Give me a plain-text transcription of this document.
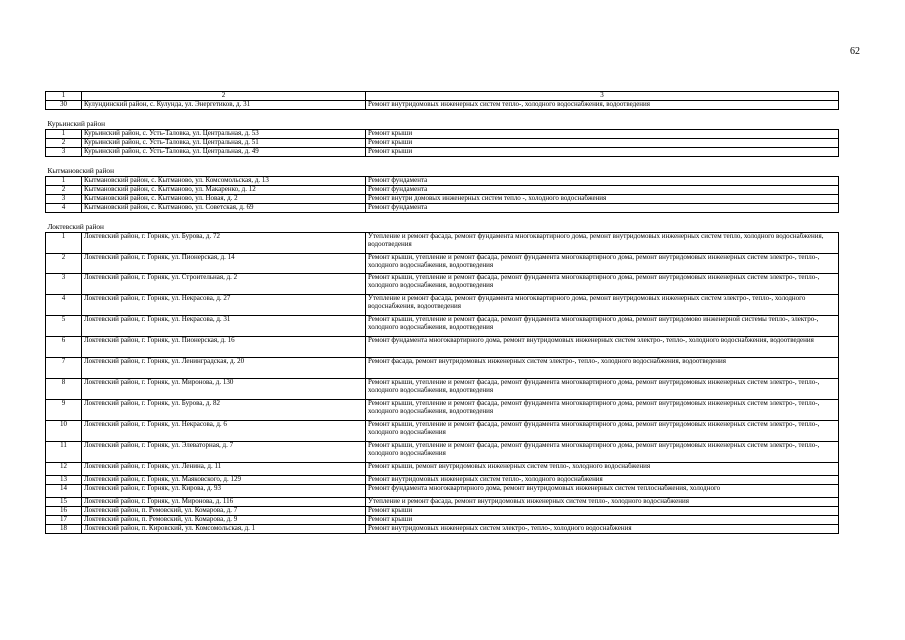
62
1	2	3
30	Кулундинский район, с. Кулунда, ул. Энергетиков, д. 31	Ремонт внутридомовых инженерных систем тепло-, холодного водоснабжения, водоотведения

Курьинский район		
1	Курьинский район, с. Усть-Таловка, ул. Центральная, д. 53	Ремонт крыши
2	Курьинский район, с. Усть-Таловка, ул. Центральная, д. 51	Ремонт крыши
3	Курьинский район, с. Усть-Таловка, ул. Центральная, д. 49	Ремонт крыши

Кытмановский район		
1	Кытмановский район, с. Кытманово, ул. Комсомольская, д. 13	Ремонт фундамента
2	Кытмановский район, с. Кытманово, ул. Макаренко, д. 12	Ремонт фундамента
3	Кытмановский район, с. Кытманово, ул. Новая, д. 2	Ремонт внутри домовых инженерных систем тепло -, холодного водоснабжения
4	Кытмановский район, с. Кытманово, ул. Советская, д. 69	Ремонт фундамента

Локтевский район		
1	Локтевский район, г. Горняк, ул. Бурова, д. 72	Утепление и ремонт фасада, ремонт фундамента многоквартирного дома, ремонт внутридомовых инженерных систем тепло, холодного водоснабжения, водоотведения
2	Локтевский район, г. Горняк, ул. Пионерская, д. 14	Ремонт крыши, утепление и ремонт фасада, ремонт фундамента многоквартирного дома, ремонт внутридомовых инженерных систем электро-, тепло-, холодного водоснабжения, водоотведения
3	Локтевский район, г. Горняк, ул. Строительная, д. 2	Ремонт крыши, утепление и ремонт фасада, ремонт фундамента многоквартирного дома, ремонт внутридомовых инженерных систем электро-, тепло-, холодного водоснабжения, водоотведения
4	Локтевский район, г. Горняк, ул. Некрасова, д. 27	Утепление и ремонт фасада, ремонт фундамента многоквартирного дома, ремонт внутридомовых инженерных систем электро-, тепло-, холодного водоснабжения, водоотведения
5	Локтевский район, г. Горняк, ул. Некрасова, д. 31	Ремонт крыши, утепление и ремонт фасада, ремонт фундамента многоквартирного дома, ремонт внутридомово инженерной системы тепло-, электро-, холодного водоснабжения, водоотведения
6	Локтевский район, г. Горняк, ул. Пионерская, д. 16	Ремонт фундамента многоквартирного дома, ремонт внутридомовых инженерных систем электро-, тепло-, холодного водоснабжения, водоотведения
7	Локтевский район, г. Горняк, ул. Ленинградская, д. 20	Ремонт фасада, ремонт внутридомовых инженерных систем электро-, тепло-, холодного водоснабжения, водоотведения
8	Локтевский район, г. Горняк, ул. Миронова, д. 130	Ремонт крыши, утепление и ремонт фасада, ремонт фундамента многоквартирного дома, ремонт внутридомовых инженерных систем электро-, тепло-, холодного водоснабжения, водоотведения
9	Локтевский район, г. Горняк, ул. Бурова, д. 82	Ремонт крыши, утепление и ремонт фасада, ремонт фундамента многоквартирного дома, ремонт внутридомовых инженерных систем электро-, тепло-, холодного водоснабжения, водоотведения
10	Локтевский район, г. Горняк, ул. Некрасова, д. 6	Ремонт крыши, утепление и ремонт фасада, ремонт фундамента многоквартирного дома, ремонт внутридомовых инженерных систем электро-, тепло-, холодного водоснабжения
11	Локтевский район, г. Горняк, ул. Элеваторная, д. 7	Ремонт крыши, утепление и ремонт фасада, ремонт фундамента многоквартирного дома, ремонт внутридомовых инженерных систем электро-, тепло-, холодного водоснабжения
12	Локтевский район, г. Горняк, ул. Ленина, д. 11	Ремонт крыши, ремонт внутридомовых инженерных систем тепло-, холодного водоснабжения
13	Локтевский район, г. Горняк, ул. Маяковского, д. 129	Ремонт внутридомовых инженерных систем тепло-, холодного водоснабжения
14	Локтевский район, г. Горняк, ул. Кирова, д. 93	Ремонт фундамента многоквартирного дома, ремонт внутридомовых инженерных систем теплоснабжения, холодного
15	Локтевский район, г. Горняк, ул. Миронова, д. 116	Утепление и ремонт фасада, ремонт внутридомовых инженерных систем тепло-, холодного водоснабжения
16	Локтевский район, п. Ремовский, ул. Комарова, д. 7	Ремонт крыши
17	Локтевский район, п. Ремовский, ул. Комарова, д. 9	Ремонт крыши
18	Локтевский район, п. Кировский, ул. Комсомольская, д. 1	Ремонт внутридомовых инженерных систем электро-, тепло-, холодного водоснабжения
